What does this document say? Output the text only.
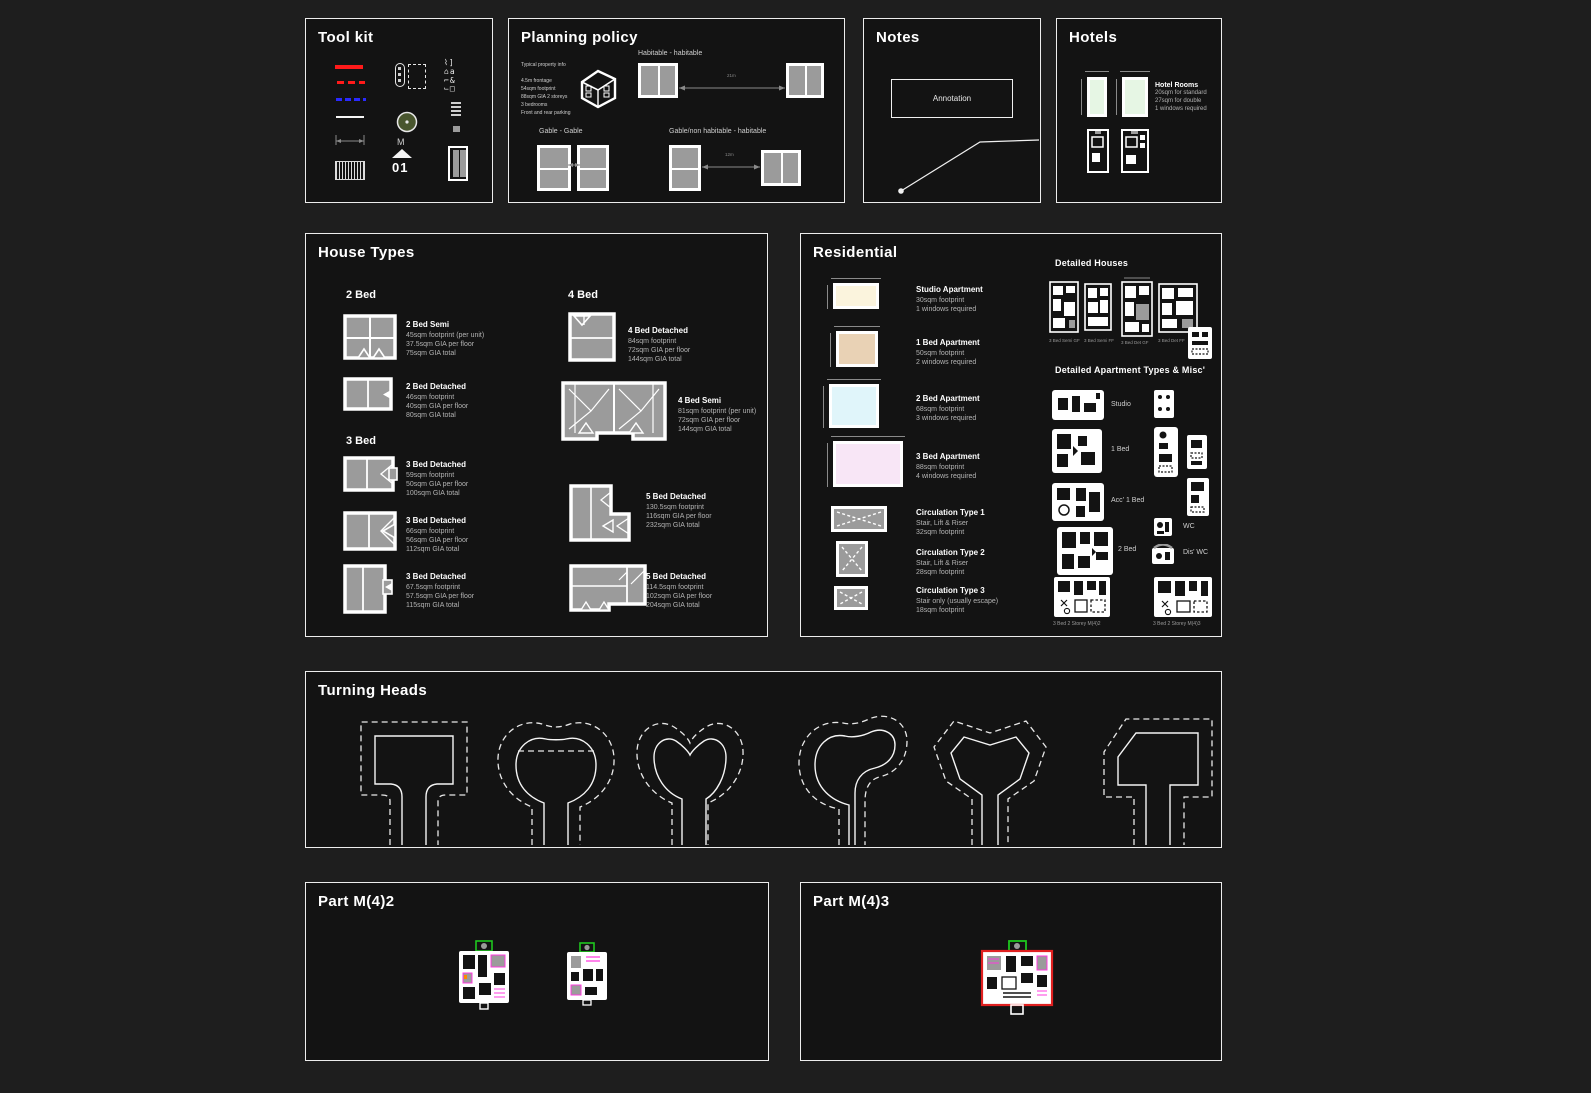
Tool kit
M
01
⌇]
⌂a
⌐&
⌙□
Planning policy
Typical property info

4.5m frontage
54sqm footprint
88sqm GIA 2 storeys
3 bedrooms
Front and rear parking
Habitable - habitable
21m
Gable - Gable	Gable/non habitable - habitable
12m
Notes
Annotation
Hotels
Hotel Rooms
20sqm for standard
27sqm for double
1 windows required
House Types
2 Bed
2 Bed Semi
45sqm footprint (per unit)
37.5sqm GIA per floor
75sqm GIA total
2 Bed Detached
46sqm footprint
40sqm GIA per floor
80sqm GIA total
3 Bed
3 Bed Detached
59sqm footprint
50sqm GIA per floor
100sqm GIA total
3 Bed Detached
66sqm footprint
56sqm GIA per floor
112sqm GIA total
3 Bed Detached
67.5sqm footprint
57.5sqm GIA per floor
115sqm GIA total
4 Bed
4 Bed Detached
84sqm footprint
72sqm GIA per floor
144sqm GIA total
4 Bed Semi
81sqm footprint (per unit)
72sqm GIA per floor
144sqm GIA total
5 Bed Detached
130.5sqm footprint
116sqm GIA per floor
232sqm GIA total
5 Bed Detached
114.5sqm footprint
102sqm GIA per floor
204sqm GIA total
Residential
Studio Apartment
30sqm footprint
1 windows required
1 Bed Apartment
50sqm footprint
2 windows required
2 Bed Apartment
68sqm footprint
3 windows required
3 Bed Apartment
88sqm footprint
4 windows required
Circulation Type 1
Stair, Lift & Riser
32sqm footprint
Circulation Type 2
Stair, Lift & Riser
28sqm footprint
Circulation Type 3
Stair only (usually escape)
18sqm footprint
Detailed Houses
3 Bed Semi GF 3 Bed Semi FF	3 Bed Det GF	3 Bed Det FF
Detailed Apartment Types & Misc'
Studio
1 Bed
Acc' 1 Bed
2 Bed
WC
Dis' WC
3 Bed 2 Storey M(4)2	3 Bed 2 Storey M(4)3
Turning Heads
Part M(4)2	Part M(4)3
